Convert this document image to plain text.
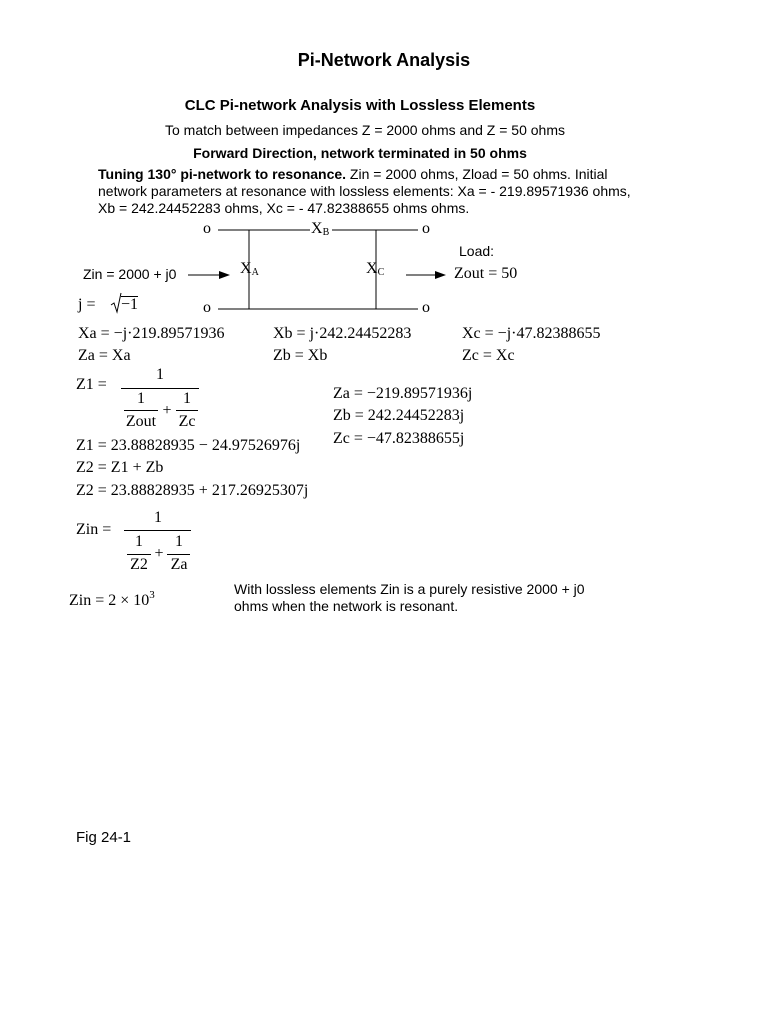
Pi-Network Analysis
CLC Pi-network Analysis with Lossless Elements
To match between impedances Z = 2000 ohms and Z = 50 ohms
Forward Direction, network terminated in 50 ohms
Tuning 130° pi-network to resonance. Zin = 2000 ohms, Zload = 50 ohms. Initial
network parameters at resonance with lossless elements: Xa = - 219.89571936 ohms,
Xb = 242.24452283 ohms, Xc = - 47.82388655 ohms ohms.
o	o
o	o
$X_B$
$X_A$	$X_C$
Zin = 2000 + j0
Load:
Zout = 50
j = −1
Xa = −j·219.89571936	Xb = j·242.24452283	Xc = −j·47.82388655
Za = Xa	Zb = Xb	Zc = Xc
Z1 =
1
1	1
+
Zout	Zc
Za = −219.89571936j
Zb = 242.24452283j
Zc = −47.82388655j
Z1 = 23.88828935 − 24.97526976j
Z2 = Z1 + Zb
Z2 = 23.88828935 + 217.26925307j
Zin =
1
1	1
+
Z2 Za
Zin = $2 \times 10^3$	With lossless elements Zin is a purely resistive 2000 + j0
ohms when the network is resonant.
Fig 24-1
